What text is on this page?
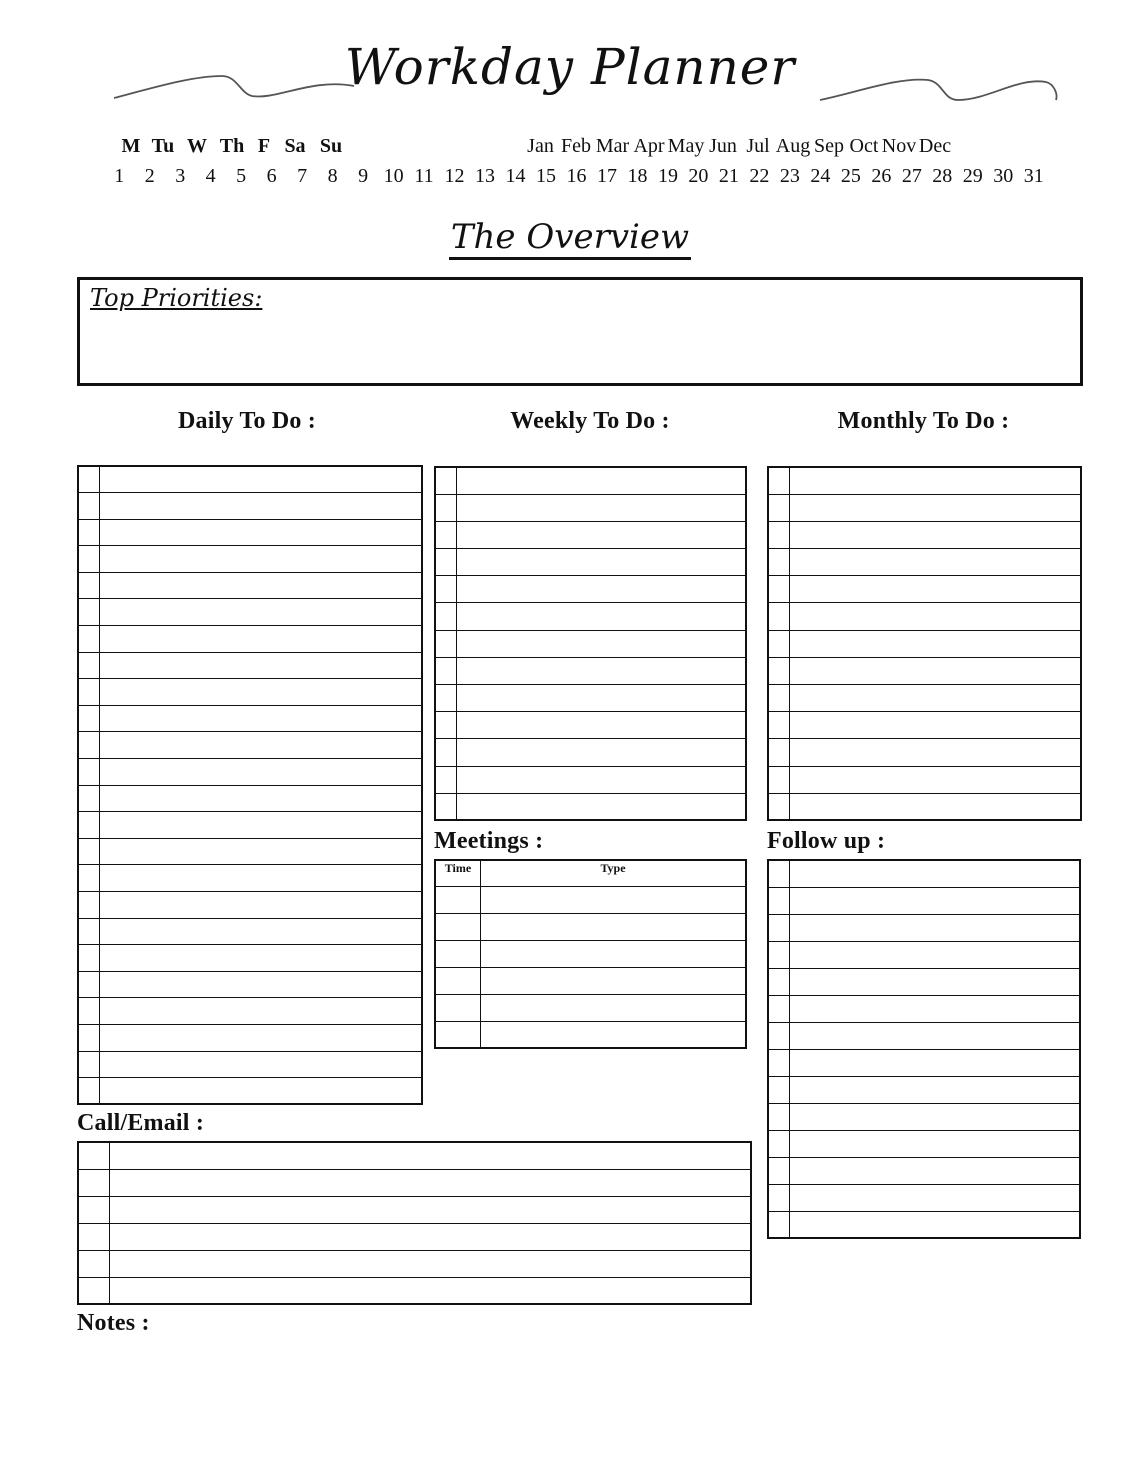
Workday Planner
M Tu W Th F Sa Su	Jan Feb Mar Apr May Jun Jul Aug Sep Oct Nov Dec
1	2	3	4	5	6	7	8	9 10 11 12 13 14 15 16 17 18 19 20 21 22 23 24 25 26 27 28 29 30 31
The Overview
Top Priorities:
Daily To Do :	Weekly To Do :	Monthly To Do :

Meetings :
Time	Type

Follow up :

Call/Email :

Notes :
